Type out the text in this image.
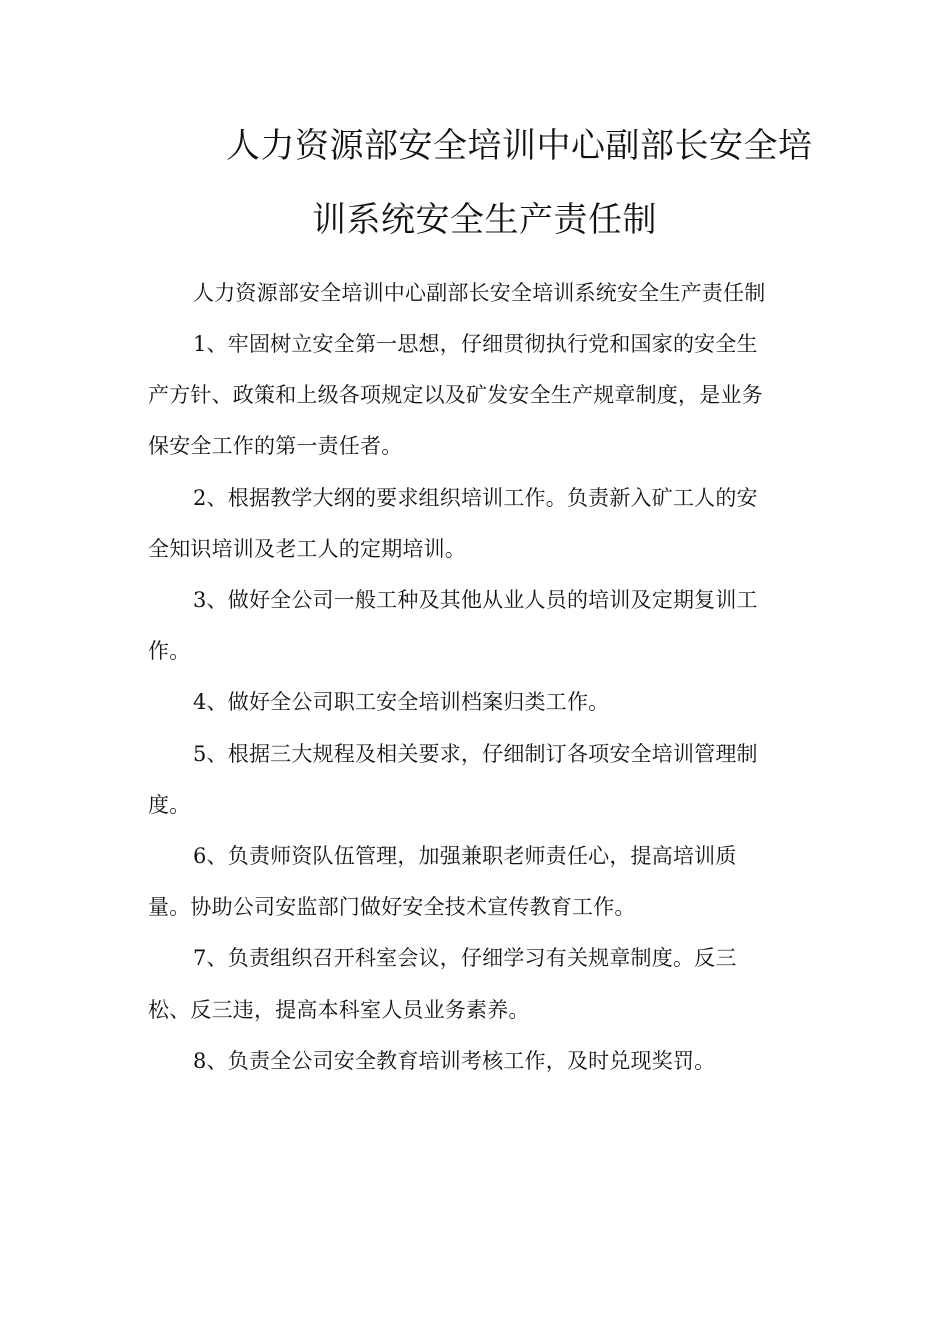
人力资源部安全培训中心副部长安全培
训系统安全生产责任制
人力资源部安全培训中心副部长安全培训系统安全生产责任制
1、牢固树立安全第一思想，仔细贯彻执行党和国家的安全生
产方针、政策和上级各项规定以及矿发安全生产规章制度，是业务
保安全工作的第一责任者。
2、根据教学大纲的要求组织培训工作。负责新入矿工人的安
全知识培训及老工人的定期培训。
3、做好全公司一般工种及其他从业人员的培训及定期复训工
作。
4、做好全公司职工安全培训档案归类工作。
5、根据三大规程及相关要求，仔细制订各项安全培训管理制
度。
6、负责师资队伍管理，加强兼职老师责任心，提高培训质
量。协助公司安监部门做好安全技术宣传教育工作。
7、负责组织召开科室会议，仔细学习有关规章制度。反三
松、反三违，提高本科室人员业务素养。
8、负责全公司安全教育培训考核工作，及时兑现奖罚。
